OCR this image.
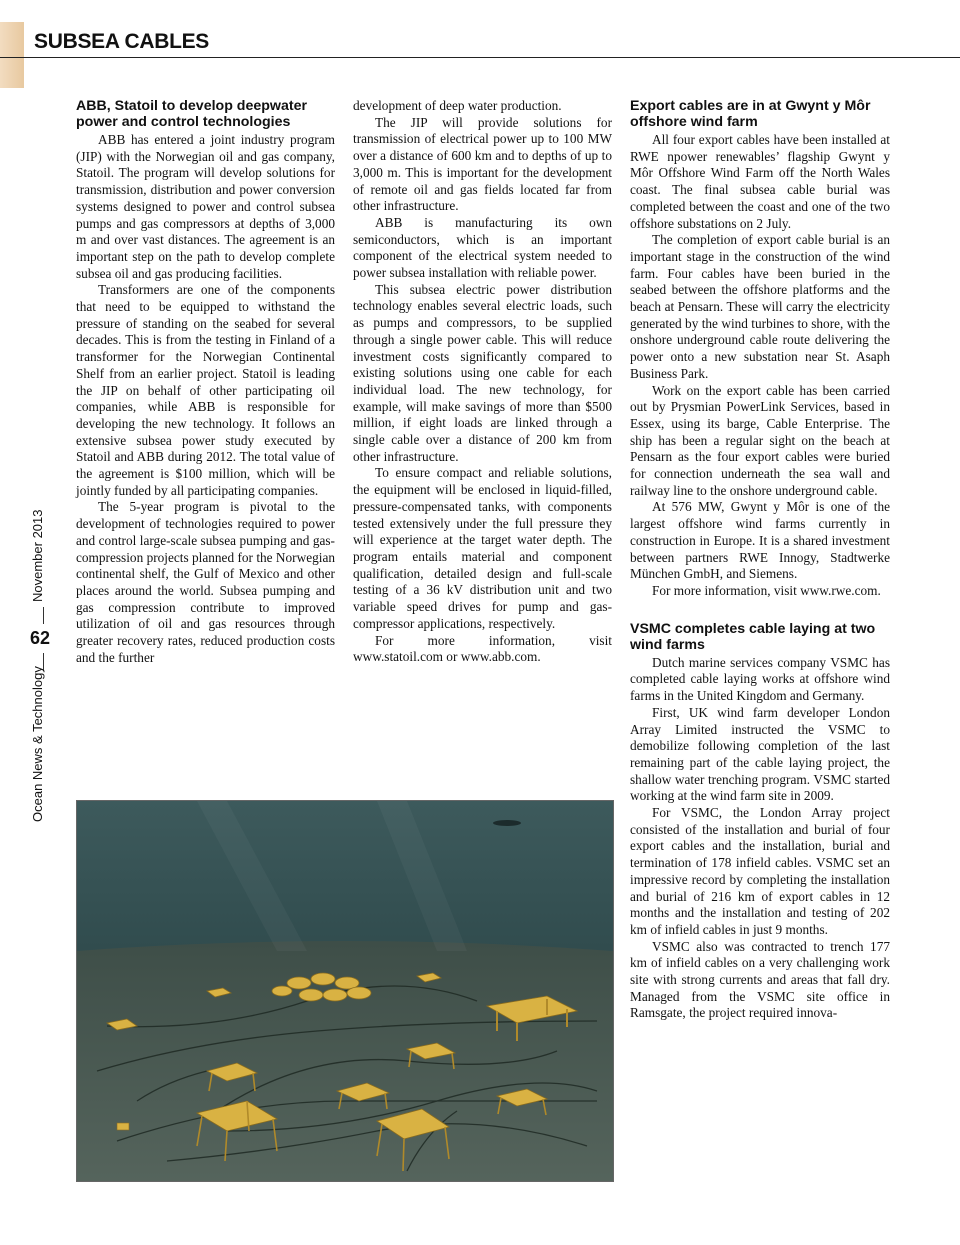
SUBSEA CABLES
November 2013
62
Ocean News & Technology
ABB, Statoil to develop deepwater power and control technologies

ABB has entered a joint industry program (JIP) with the Norwegian oil and gas company, Statoil. The program will develop solutions for transmission, distribution and power conversion systems designed to power and control subsea pumps and gas compressors at depths of 3,000 m and over vast distances. The agreement is an important step on the path to develop complete subsea oil and gas producing facilities.

Transformers are one of the components that need to be equipped to withstand the pressure of standing on the seabed for several decades. This is from the testing in Finland of a transformer for the Norwegian Continental Shelf from an earlier project. Statoil is leading the JIP on behalf of other participating oil companies, while ABB is responsible for developing the new technology. It follows an extensive subsea power study executed by Statoil and ABB during 2012. The total value of the agreement is $100 million, which will be jointly funded by all participating companies.

The 5-year program is pivotal to the development of technologies required to power and control large-scale subsea pumping and gas-compression projects planned for the Norwegian continental shelf, the Gulf of Mexico and other places around the world. Subsea pumping and gas compression contribute to improved utilization of oil and gas resources through greater recovery rates, reduced production costs and the further

development of deep water production.

The JIP will provide solutions for transmission of electrical power up to 100 MW over a distance of 600 km and to depths of up to 3,000 m. This is important for the development of remote oil and gas fields located far from other infrastructure.

ABB is manufacturing its own semiconductors, which is an important component of the electrical system needed to power subsea installation with reliable power.

This subsea electric power distribution technology enables several electric loads, such as pumps and compressors, to be supplied through a single power cable. This will reduce investment costs significantly compared to existing solutions using one cable for each individual load. The new technology, for example, will make savings of more than $500 million, if eight loads are linked through a single cable over a distance of 200 km from other infrastructure.

To ensure compact and reliable solutions, the equipment will be enclosed in liquid-filled, pressure-compensated tanks, with components tested extensively under the full pressure they will experience at the target water depth. The program entails material and component qualification, detailed design and full-scale testing of a 36 kV distribution unit and two variable speed drives for pump and gas-compressor applications, respectively.

For more information, visit www.statoil.com or www.abb.com.

Export cables are in at Gwynt y Môr offshore wind farm

All four export cables have been installed at RWE npower renewables’ flagship Gwynt y Môr Offshore Wind Farm off the North Wales coast. The final subsea cable burial was completed between the coast and one of the two offshore substations on 2 July.

The completion of export cable burial is an important stage in the construction of the wind farm. Four cables have been buried in the seabed between the offshore platforms and the beach at Pensarn. These will carry the electricity generated by the wind turbines to shore, with the onshore underground cable route delivering the power onto a new substation near St. Asaph Business Park.

Work on the export cable has been carried out by Prysmian PowerLink Services, based in Essex, using its barge, Cable Enterprise. The ship has been a regular sight on the beach at Pensarn as the four export cables were buried for connection underneath the sea wall and railway line to the onshore underground cable.

At 576 MW, Gwynt y Môr is one of the largest offshore wind farms currently in construction in Europe. It is a shared investment between partners RWE Innogy, Stadtwerke München GmbH, and Siemens.

For more information, visit www.rwe.com.

VSMC completes cable laying at two wind farms

Dutch marine services company VSMC has completed cable laying works at offshore wind farms in the United Kingdom and Germany.

First, UK wind farm developer London Array Limited instructed the VSMC to demobilize following completion of the last remaining part of the cable laying project, the shallow water trenching program. VSMC started working at the wind farm site in 2009.

For VSMC, the London Array project consisted of the installation and burial of four export cables and the installation, burial and termination of 178 infield cables. VSMC set an impressive record by completing the installation and burial of 216 km of export cables in 12 months and the installation and testing of 202 km of infield cables in just 9 months.

VSMC also was contracted to trench 177 km of infield cables on a very challenging work site with strong currents and areas that fall dry. Managed from the VSMC site office in Ramsgate, the project required innova-
